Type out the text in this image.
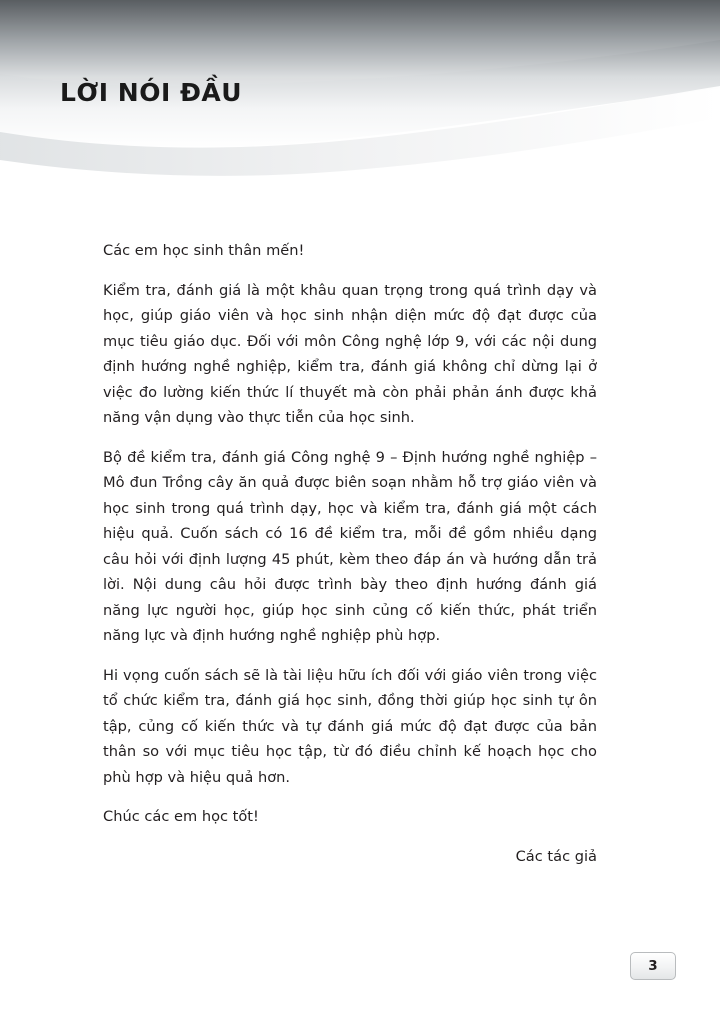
LỜI NÓI ĐẦU

Các em học sinh thân mến!

Kiểm tra, đánh giá là một khâu quan trọng trong quá trình dạy và học, giúp giáo viên và học sinh nhận diện mức độ đạt được của mục tiêu giáo dục. Đối với môn Công nghệ lớp 9, với các nội dung định hướng nghề nghiệp, kiểm tra, đánh giá không chỉ dừng lại ở việc đo lường kiến thức lí thuyết mà còn phải phản ánh được khả năng vận dụng vào thực tiễn của học sinh.

Bộ đề kiểm tra, đánh giá Công nghệ 9 – Định hướng nghề nghiệp – Mô đun Trồng cây ăn quả được biên soạn nhằm hỗ trợ giáo viên và học sinh trong quá trình dạy, học và kiểm tra, đánh giá một cách hiệu quả. Cuốn sách có 16 đề kiểm tra, mỗi đề gồm nhiều dạng câu hỏi với định lượng 45 phút, kèm theo đáp án và hướng dẫn trả lời. Nội dung câu hỏi được trình bày theo định hướng đánh giá năng lực người học, giúp học sinh củng cố kiến thức, phát triển năng lực và định hướng nghề nghiệp phù hợp.

Hi vọng cuốn sách sẽ là tài liệu hữu ích đối với giáo viên trong việc tổ chức kiểm tra, đánh giá học sinh, đồng thời giúp học sinh tự ôn tập, củng cố kiến thức và tự đánh giá mức độ đạt được của bản thân so với mục tiêu học tập, từ đó điều chỉnh kế hoạch học cho phù hợp và hiệu quả hơn.

Chúc các em học tốt!

Các tác giả

3
